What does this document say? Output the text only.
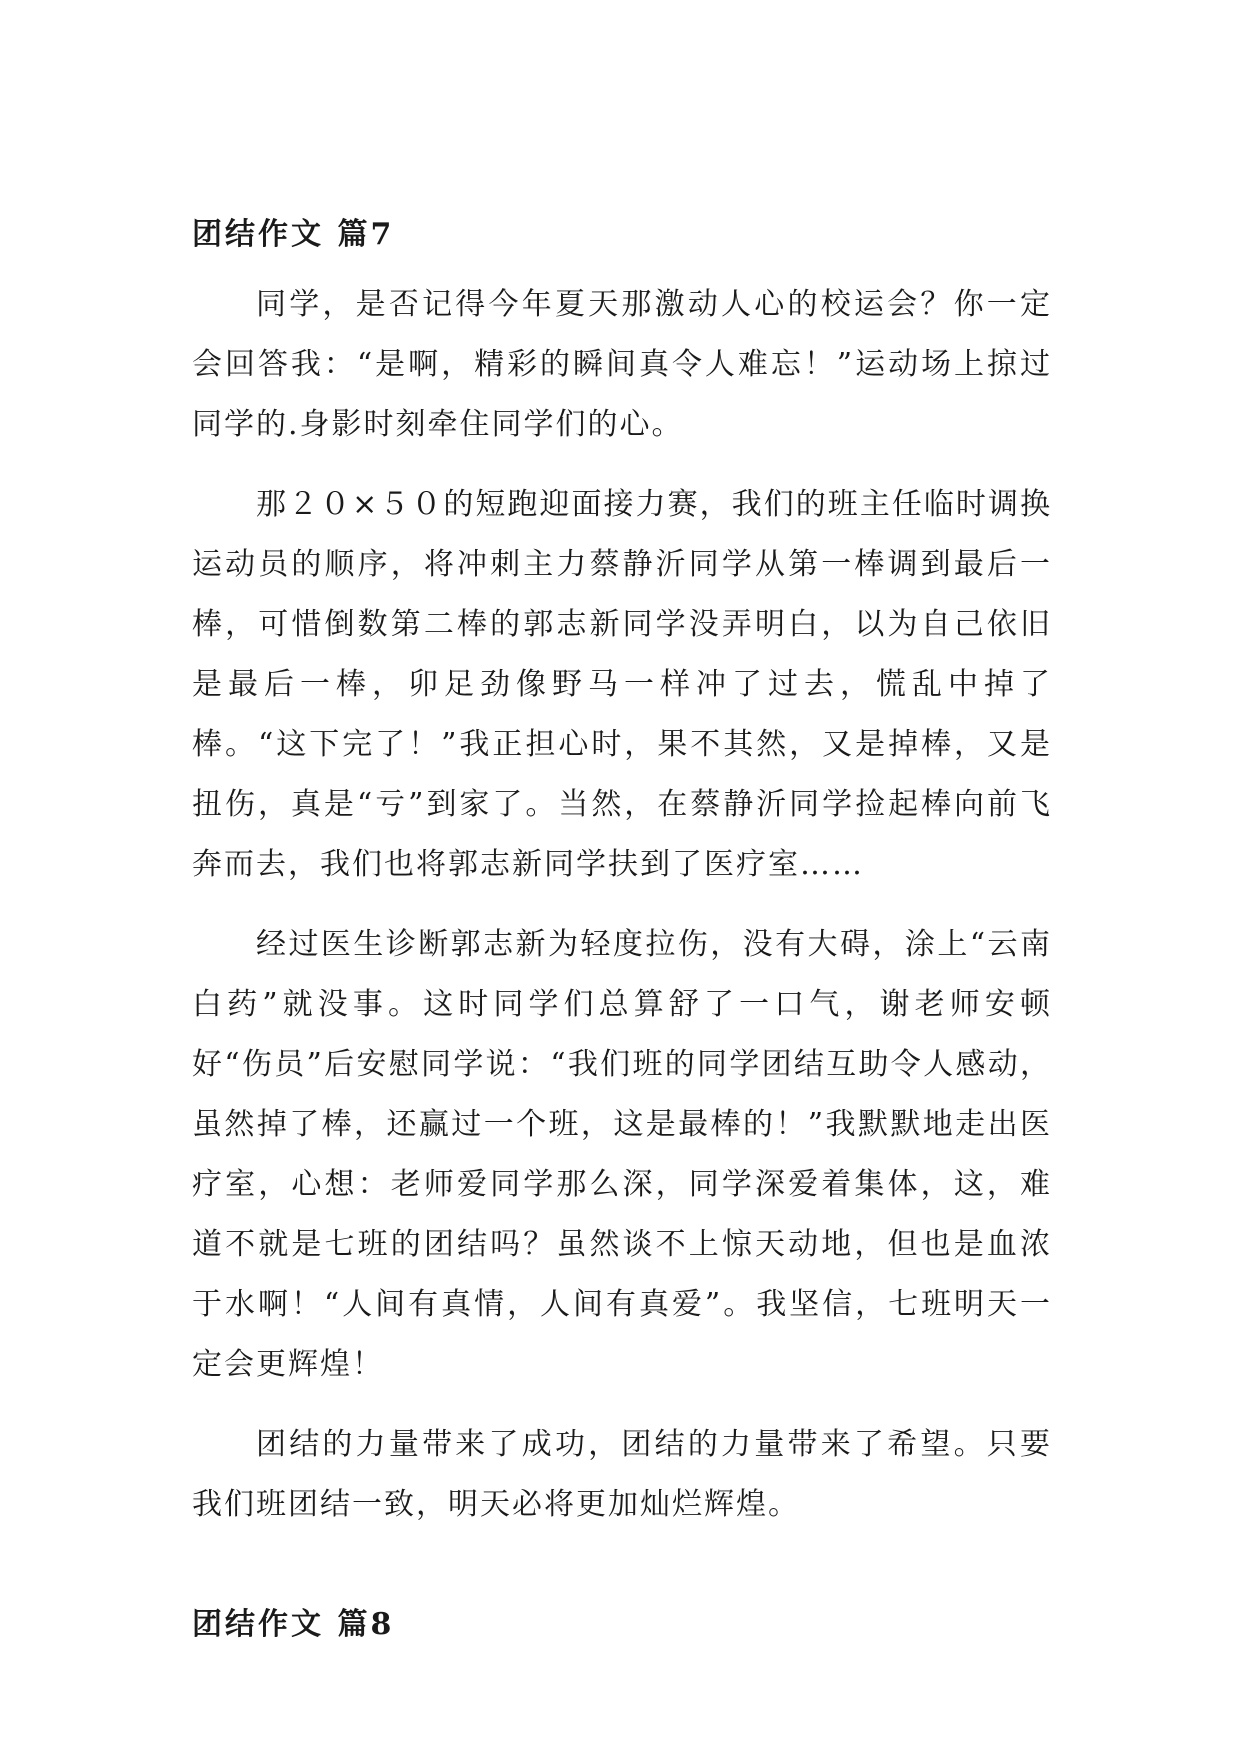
团结作文 篇7

同学，是否记得今年夏天那激动人心的校运会？你一定会回答我：“是啊，精彩的瞬间真令人难忘！”运动场上掠过同学的.身影时刻牵住同学们的心。

那２０×５０的短跑迎面接力赛，我们的班主任临时调换运动员的顺序，将冲刺主力蔡静沂同学从第一棒调到最后一棒，可惜倒数第二棒的郭志新同学没弄明白，以为自己依旧是最后一棒，卯足劲像野马一样冲了过去，慌乱中掉了棒。“这下完了！”我正担心时，果不其然，又是掉棒，又是扭伤，真是“亏”到家了。当然，在蔡静沂同学捡起棒向前飞奔而去，我们也将郭志新同学扶到了医疗室……

经过医生诊断郭志新为轻度拉伤，没有大碍，涂上“云南白药”就没事。这时同学们总算舒了一口气，谢老师安顿好“伤员”后安慰同学说：“我们班的同学团结互助令人感动，虽然掉了棒，还赢过一个班，这是最棒的！”我默默地走出医疗室，心想：老师爱同学那么深，同学深爱着集体，这，难道不就是七班的团结吗？虽然谈不上惊天动地，但也是血浓于水啊！“人间有真情，人间有真爱”。我坚信，七班明天一定会更辉煌！

团结的力量带来了成功，团结的力量带来了希望。只要我们班团结一致，明天必将更加灿烂辉煌。

团结作文 篇8
